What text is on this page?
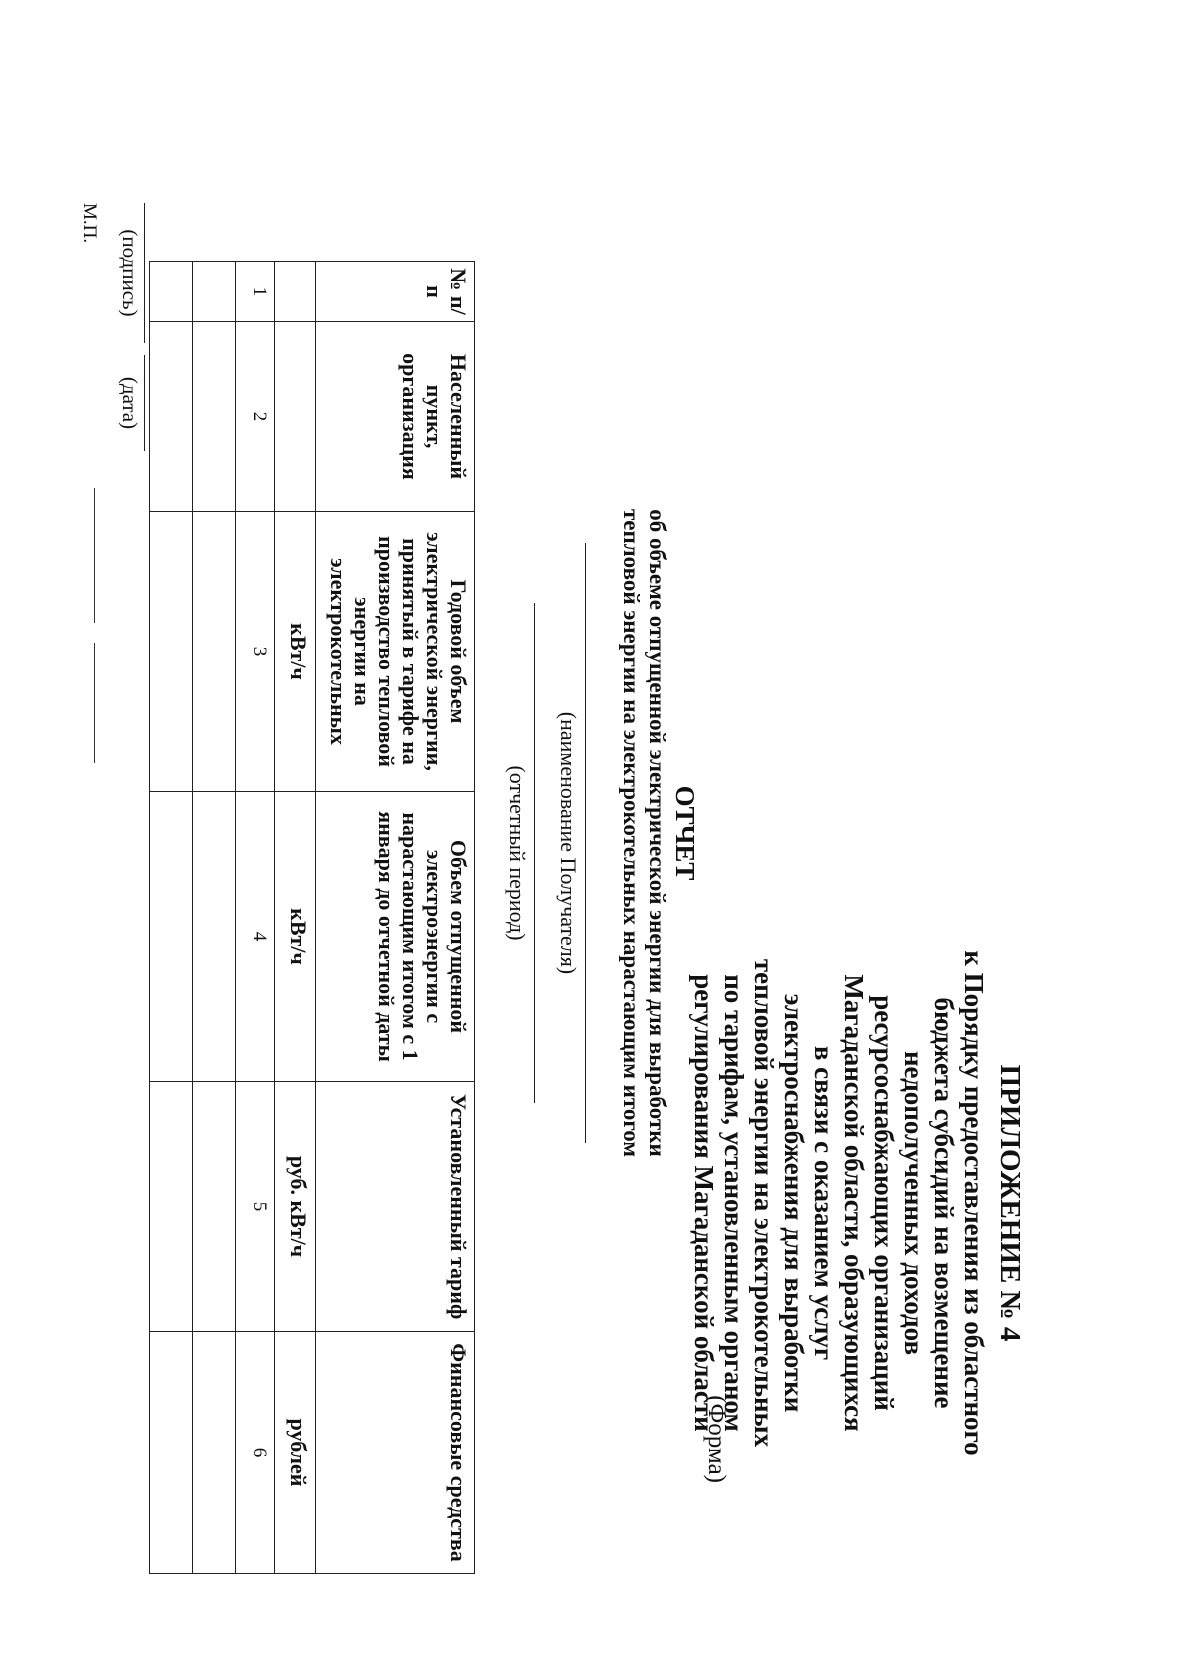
ПРИЛОЖЕНИЕ № 4
к Порядку предоставления из областного
бюджета субсидий на возмещение
недополученных доходов
ресурсоснабжающих организаций
Магаданской области, образующихся
в связи с оказанием услуг
электроснабжения для выработки
тепловой энергии на электрокотельных
по тарифам, установленным органом
регулирования Магаданской области
(Форма)
ОТЧЕТ
об объеме отпущенной электрической энергии для выработки
тепловой энергии на электрокотельных нарастающим итогом
(наименование Получателя)
(отчетный период)
№ п/п	Населенный пункт, организация	Годовой объем электрической энергии, принятый в тарифе на производство тепловой энергии на электрокотельных	Объем отпущенной электроэнергии с нарастающим итогом с 1 января до отчетной даты	Установленный тариф	Финансовые средства
		кВт/ч	кВт/ч	руб. кВт/ч	рублей
1	2	3	4	5	6

(подпись)
(дата)
М.П.
